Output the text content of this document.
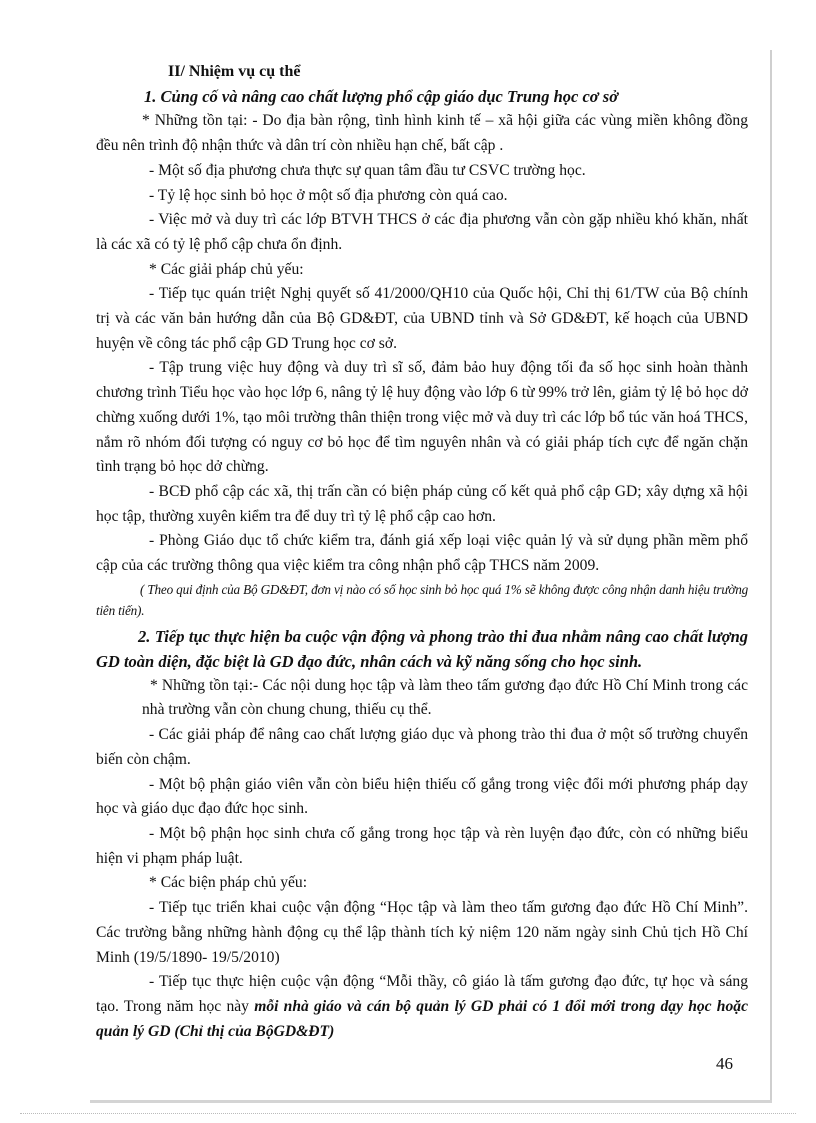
II/ Nhiệm vụ cụ thể

1. Củng cố và nâng cao chất lượng phổ cập giáo dục Trung học cơ sở

* Những tồn tại: - Do địa bàn rộng, tình hình kinh tế – xã hội giữa các vùng miền không đồng đều nên trình độ nhận thức và dân trí còn nhiều hạn chế, bất cập .

- Một số địa phương chưa thực sự quan tâm đầu tư CSVC trường học.

- Tỷ lệ học sinh bỏ học ở một số địa phương còn quá cao.

- Việc mở và duy trì các lớp BTVH THCS ở các địa phương vẫn còn gặp nhiều khó khăn, nhất là các xã có tỷ lệ phổ cập chưa ổn định.

* Các giải pháp chủ yếu:

- Tiếp tục quán triệt Nghị quyết số 41/2000/QH10 của Quốc hội, Chỉ thị 61/TW của Bộ chính trị và các văn bản hướng dẫn của Bộ GD&ĐT, của UBND tỉnh và Sở GD&ĐT, kế hoạch của UBND huyện về công tác phổ cập GD Trung học cơ sở.

- Tập trung việc huy động và duy trì sĩ số, đảm bảo huy động tối đa số học sinh hoàn thành chương trình Tiểu học vào học lớp 6, nâng tỷ lệ huy động vào lớp 6 từ 99% trở lên, giảm tỷ lệ bỏ học dở chừng xuống dưới 1%, tạo môi trường thân thiện trong việc mở và duy trì các lớp bổ túc văn hoá THCS, nắm rõ nhóm đối tượng có nguy cơ bỏ học để tìm nguyên nhân và có giải pháp tích cực để ngăn chặn tình trạng bỏ học dở chừng.

- BCĐ phổ cập các xã, thị trấn cần có biện pháp củng cố kết quả phổ cập GD; xây dựng xã hội học tập, thường xuyên kiểm tra để duy trì tỷ lệ phổ cập cao hơn.

- Phòng Giáo dục tổ chức kiểm tra, đánh giá xếp loại việc quản lý và sử dụng phần mềm phổ cập của các trường thông qua việc kiểm tra công nhận phổ cập THCS năm 2009.

( Theo qui định của Bộ GD&ĐT, đơn vị nào có số học sinh bỏ học quá 1% sẽ không được công nhận danh hiệu trường tiên tiến).

2. Tiếp tục thực hiện ba cuộc vận động và phong trào thi đua nhằm nâng cao chất lượng GD toàn diện, đặc biệt là GD đạo đức, nhân cách và kỹ năng sống cho học sinh.

* Những tồn tại:- Các nội dung học tập và làm theo tấm gương đạo đức Hồ Chí Minh trong các nhà trường vẫn còn chung chung, thiếu cụ thể.

- Các giải pháp để nâng cao chất lượng giáo dục và phong trào thi đua ở một số trường chuyển biến còn chậm.

- Một bộ phận giáo viên vẫn còn biểu hiện thiếu cố gắng trong việc đổi mới phương pháp dạy học và giáo dục đạo đức học sinh.

- Một bộ phận học sinh chưa cố gắng trong học tập và rèn luyện đạo đức, còn có những biểu hiện vi phạm pháp luật.

* Các biện pháp chủ yếu:

- Tiếp tục triển khai cuộc vận động “Học tập và làm theo tấm gương đạo đức Hồ Chí Minh”. Các trường bằng những hành động cụ thể lập thành tích kỷ niệm 120 năm ngày sinh Chủ tịch Hồ Chí Minh (19/5/1890- 19/5/2010)

- Tiếp tục thực hiện cuộc vận động “Mỗi thầy, cô giáo là tấm gương đạo đức, tự học và sáng tạo. Trong năm học này mỗi nhà giáo và cán bộ quản lý GD phải có 1 đổi mới trong dạy học hoặc quản lý GD (Chỉ thị của BộGD&ĐT)

46
